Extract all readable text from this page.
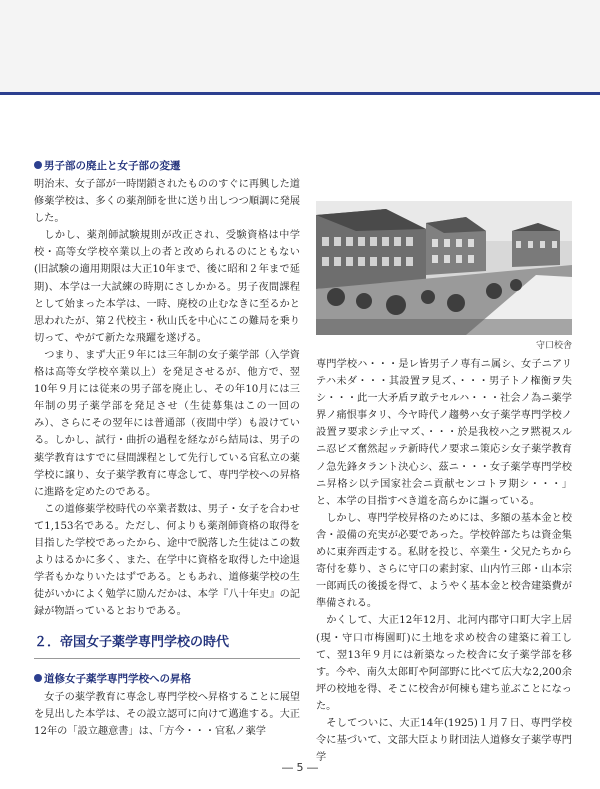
男子部の廃止と女子部の変遷

明治末、女子部が一時閉鎖されたもののすぐに再興した道修薬学校は、多くの薬剤師を世に送り出しつつ順調に発展した。

しかし、薬剤師試験規則が改正され、受験資格は中学校・高等女学校卒業以上の者と改められるのにともない(旧試験の適用期限は大正10年まで、後に昭和２年まで延期)、本学は一大試練の時期にさしかかる。男子夜間課程として始まった本学は、一時、廃校の止むなきに至るかと思われたが、第２代校主・秋山氏を中心にこの難局を乗り切って、やがて新たな飛躍を遂げる。

つまり、まず大正９年には三年制の女子薬学部（入学資格は高等女学校卒業以上）を発足させるが、他方で、翌10年９月には従来の男子部を廃止し、その年10月には三年制の男子薬学部を発足させ（生徒募集はこの一回のみ）、さらにその翌年には普通部（夜間中学）も設けている。しかし、試行・曲折の過程を経ながら結局は、男子の薬学教育はすでに昼間課程として先行している官私立の薬学校に譲り、女子薬学教育に専念して、専門学校への昇格に進路を定めたのである。

この道修薬学校時代の卒業者数は、男子・女子を合わせて1,153名である。ただし、何よりも薬剤師資格の取得を目指した学校であったから、途中で脱落した生徒はこの数よりはるかに多く、また、在学中に資格を取得した中途退学者もかなりいたはずである。ともあれ、道修薬学校の生徒がいかによく勉学に励んだかは、本学『八十年史』の記録が物語っているとおりである。

２．帝国女子薬学専門学校の時代
道修女子薬学専門学校への昇格

女子の薬学教育に専念し専門学校へ昇格することに展望を見出した本学は、その設立認可に向けて邁進する。大正12年の「設立趣意書」は、「方今・・・官私ノ薬学

守口校舎

専門学校ハ・・・是レ皆男子ノ専有ニ属シ、女子ニアリテハ未ダ・・・其設置ヲ見ズ、・・・男子トノ権衡ヲ失シ・・・此一大矛盾ヲ敢テセルハ・・・社会ノ為ニ薬学界ノ痛恨事タリ、今ヤ時代ノ趨勢ハ女子薬学専門学校ノ設置ヲ要求シテ止マズ、・・・於是我校ハ之ヲ黙視スルニ忍ビズ奮然起ッテ新時代ノ要求ニ策応シ女子薬学教育ノ急先鋒タラント決心シ、茲ニ・・・女子薬学専門学校ニ昇格シ以テ国家社会ニ貢献センコトヲ期シ・・・」と、本学の目指すべき道を高らかに謳っている。

しかし、専門学校昇格のためには、多額の基本金と校舎・設備の充実が必要であった。学校幹部たちは資金集めに東奔西走する。私財を投じ、卒業生・父兄たちから寄付を募り、さらに守口の素封家、山内竹三郎・山本宗一郎両氏の後援を得て、ようやく基本金と校舎建築費が準備される。

かくして、大正12年12月、北河内郡守口町大字上居(現・守口市梅園町)に土地を求め校舎の建築に着工して、翌13年９月には新築なった校舎に女子薬学部を移す。今や、南久太郎町や阿部野に比べて広大な2,200余坪の校地を得、そこに校舎が何棟も建ち並ぶことになった。

そしてついに、大正14年(1925)１月７日、専門学校令に基づいて、文部大臣より財団法人道修女子薬学専門学

― 5 ―
